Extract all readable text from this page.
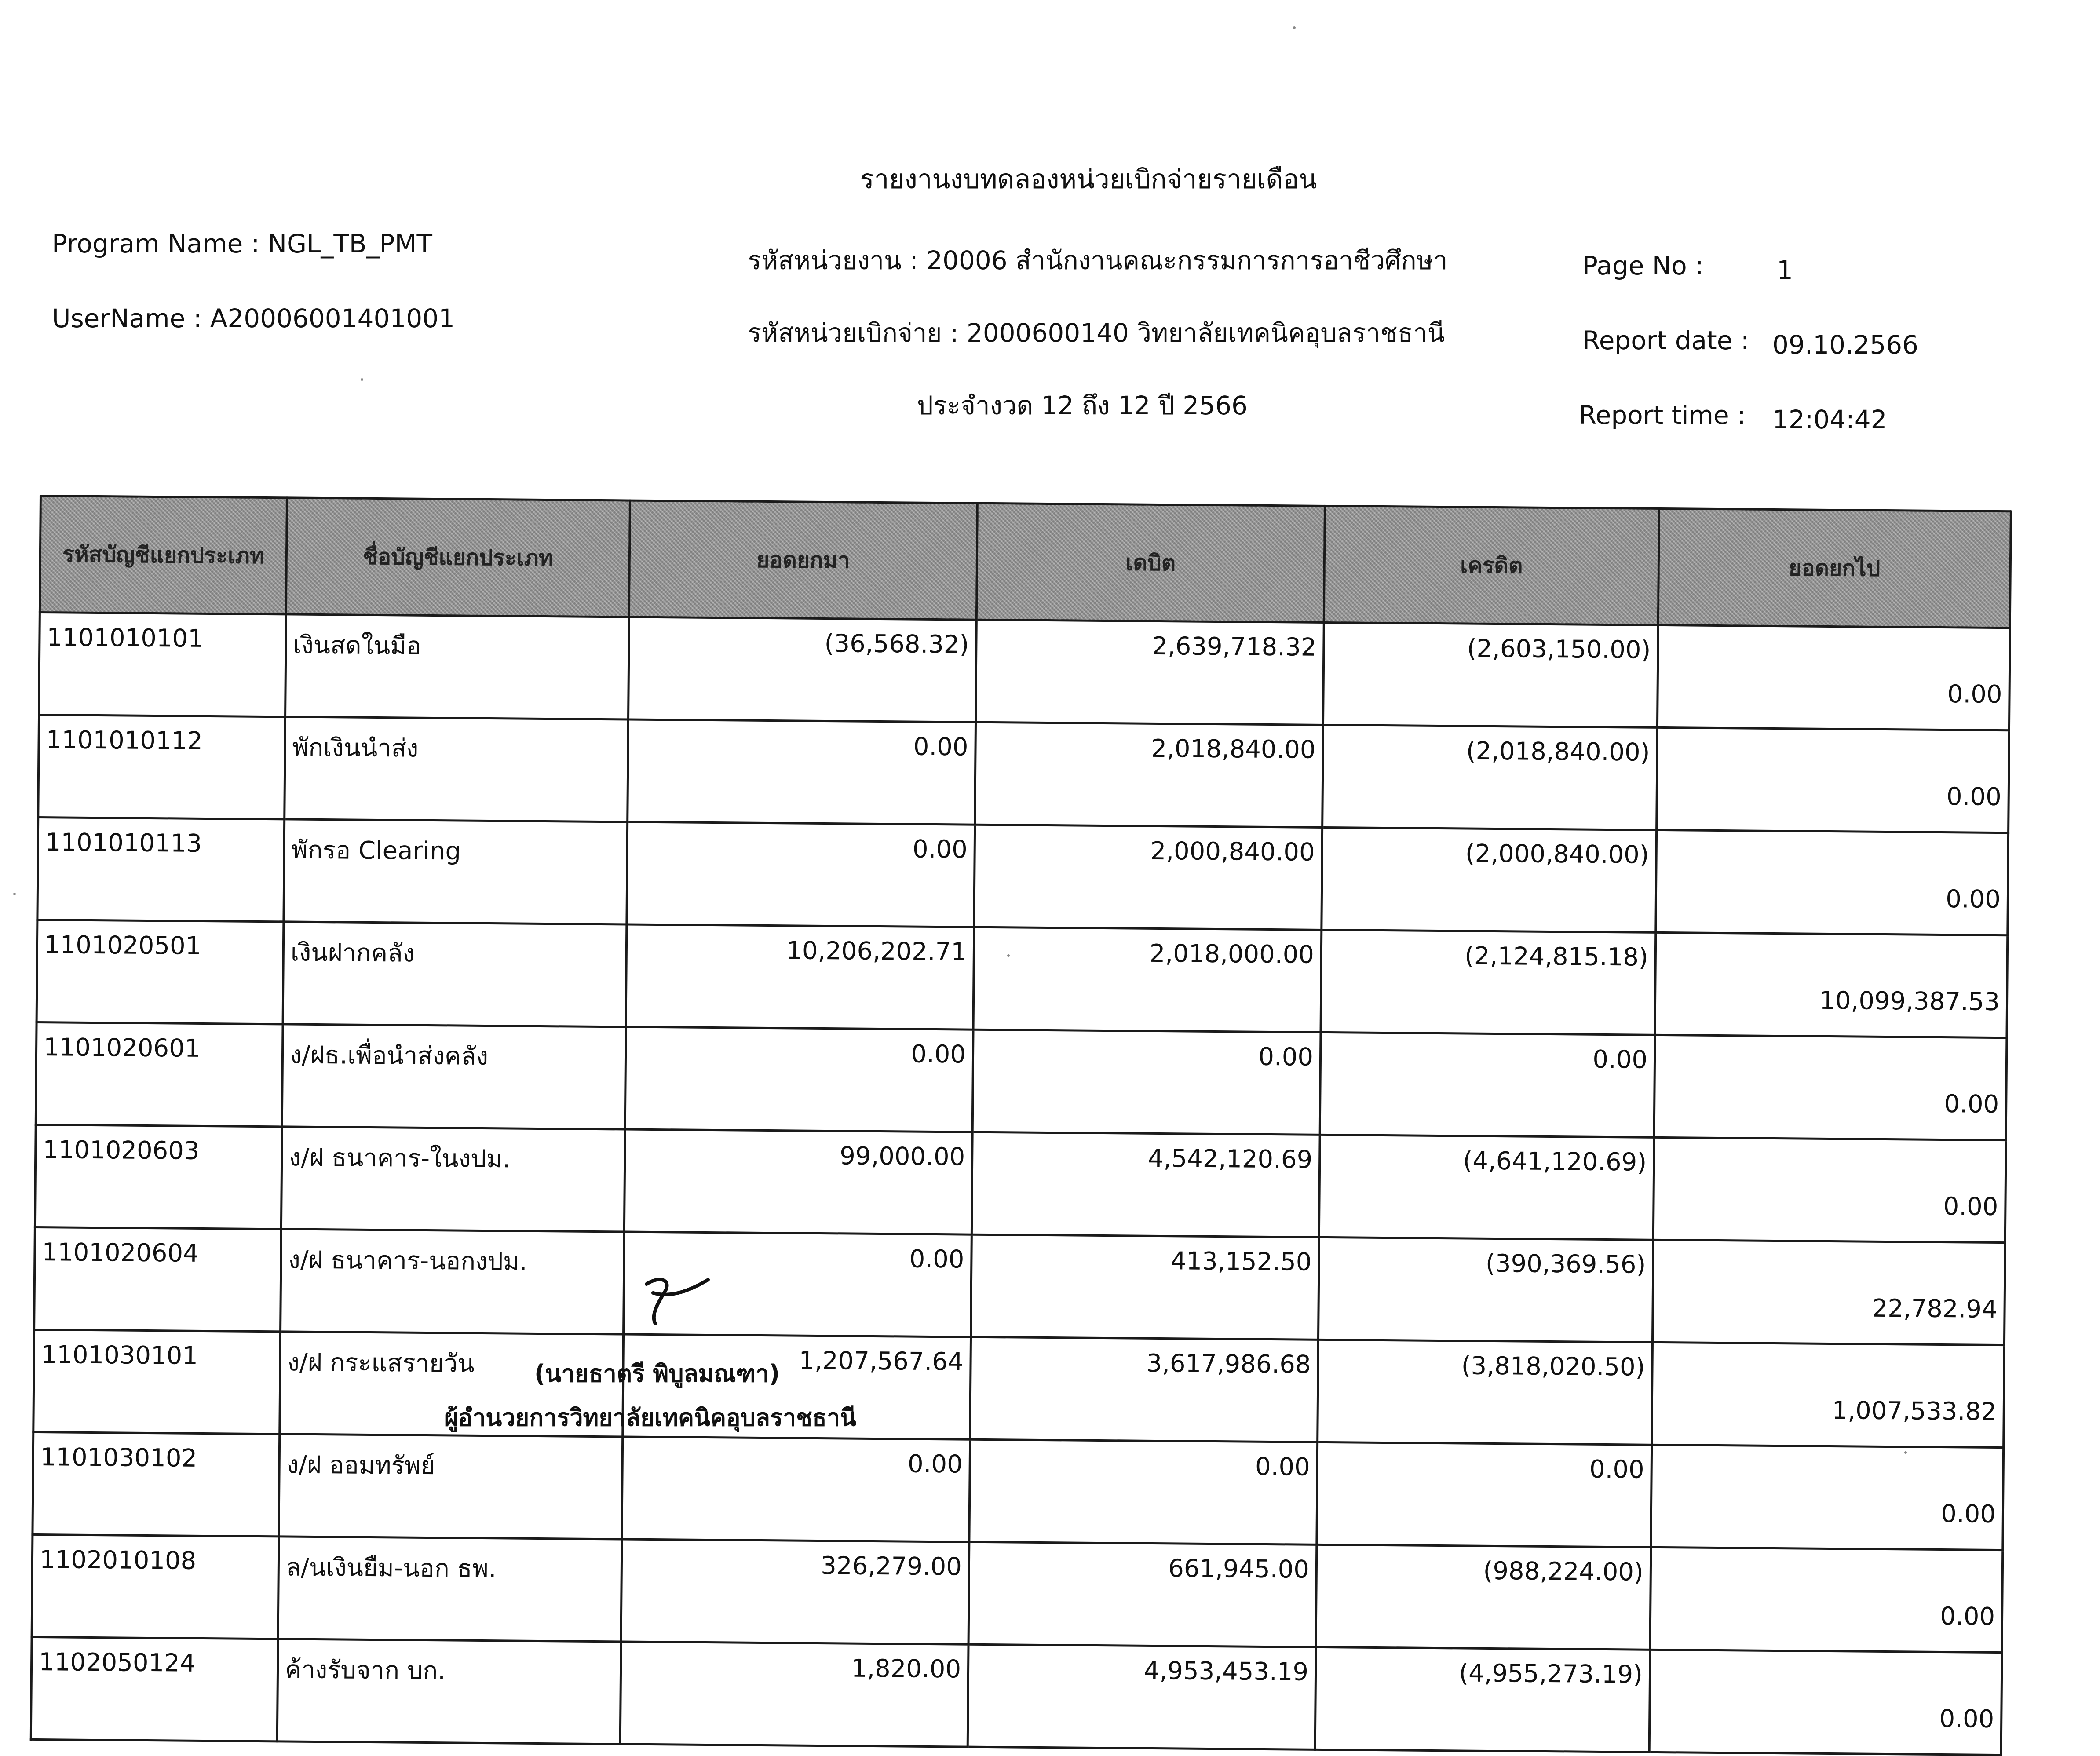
รายงานงบทดลองหน่วยเบิกจ่ายรายเดือน
Program Name : NGL_TB_PMT
UserName : A20006001401001
รหัสหน่วยงาน : 20006 สำนักงานคณะกรรมการการอาชีวศึกษา
รหัสหน่วยเบิกจ่าย : 2000600140 วิทยาลัยเทคนิคอุบลราชธานี
ประจำงวด 12 ถึง 12 ปี 2566
Page No :	1
Report date : 09.10.2566
Report time : 12:04:42
รหัสบัญชีแยกประเภท	ชื่อบัญชีแยกประเภท	ยอดยกมา	เดบิต	เครดิต	ยอดยกไป
1101010101	เงินสดในมือ	(36,568.32)	2,639,718.32	(2,603,150.00)	0.00
1101010112	พักเงินนำส่ง	0.00	2,018,840.00	(2,018,840.00)	0.00
1101010113	พักรอ Clearing	0.00	2,000,840.00	(2,000,840.00)	0.00
1101020501	เงินฝากคลัง	10,206,202.71	2,018,000.00	(2,124,815.18)	10,099,387.53
1101020601	ง/ฝธ.เพื่อนำส่งคลัง	0.00	0.00	0.00	0.00
1101020603	ง/ฝ ธนาคาร-ในงปม.	99,000.00	4,542,120.69	(4,641,120.69)	0.00
1101020604	ง/ฝ ธนาคาร-นอกงปม.	0.00	413,152.50	(390,369.56)	22,782.94
1101030101	ง/ฝ กระแสรายวัน	1,207,567.64	3,617,986.68	(3,818,020.50)	1,007,533.82
1101030102	ง/ฝ ออมทรัพย์	0.00	0.00	0.00	0.00
1102010108	ล/นเงินยืม-นอก ธพ.	326,279.00	661,945.00	(988,224.00)	0.00
1102050124	ค้างรับจาก บก.	1,820.00	4,953,453.19	(4,955,273.19)	0.00
(นายธาตรี พิบูลมณฑา)
ผู้อำนวยการวิทยาลัยเทคนิคอุบลราชธานี
